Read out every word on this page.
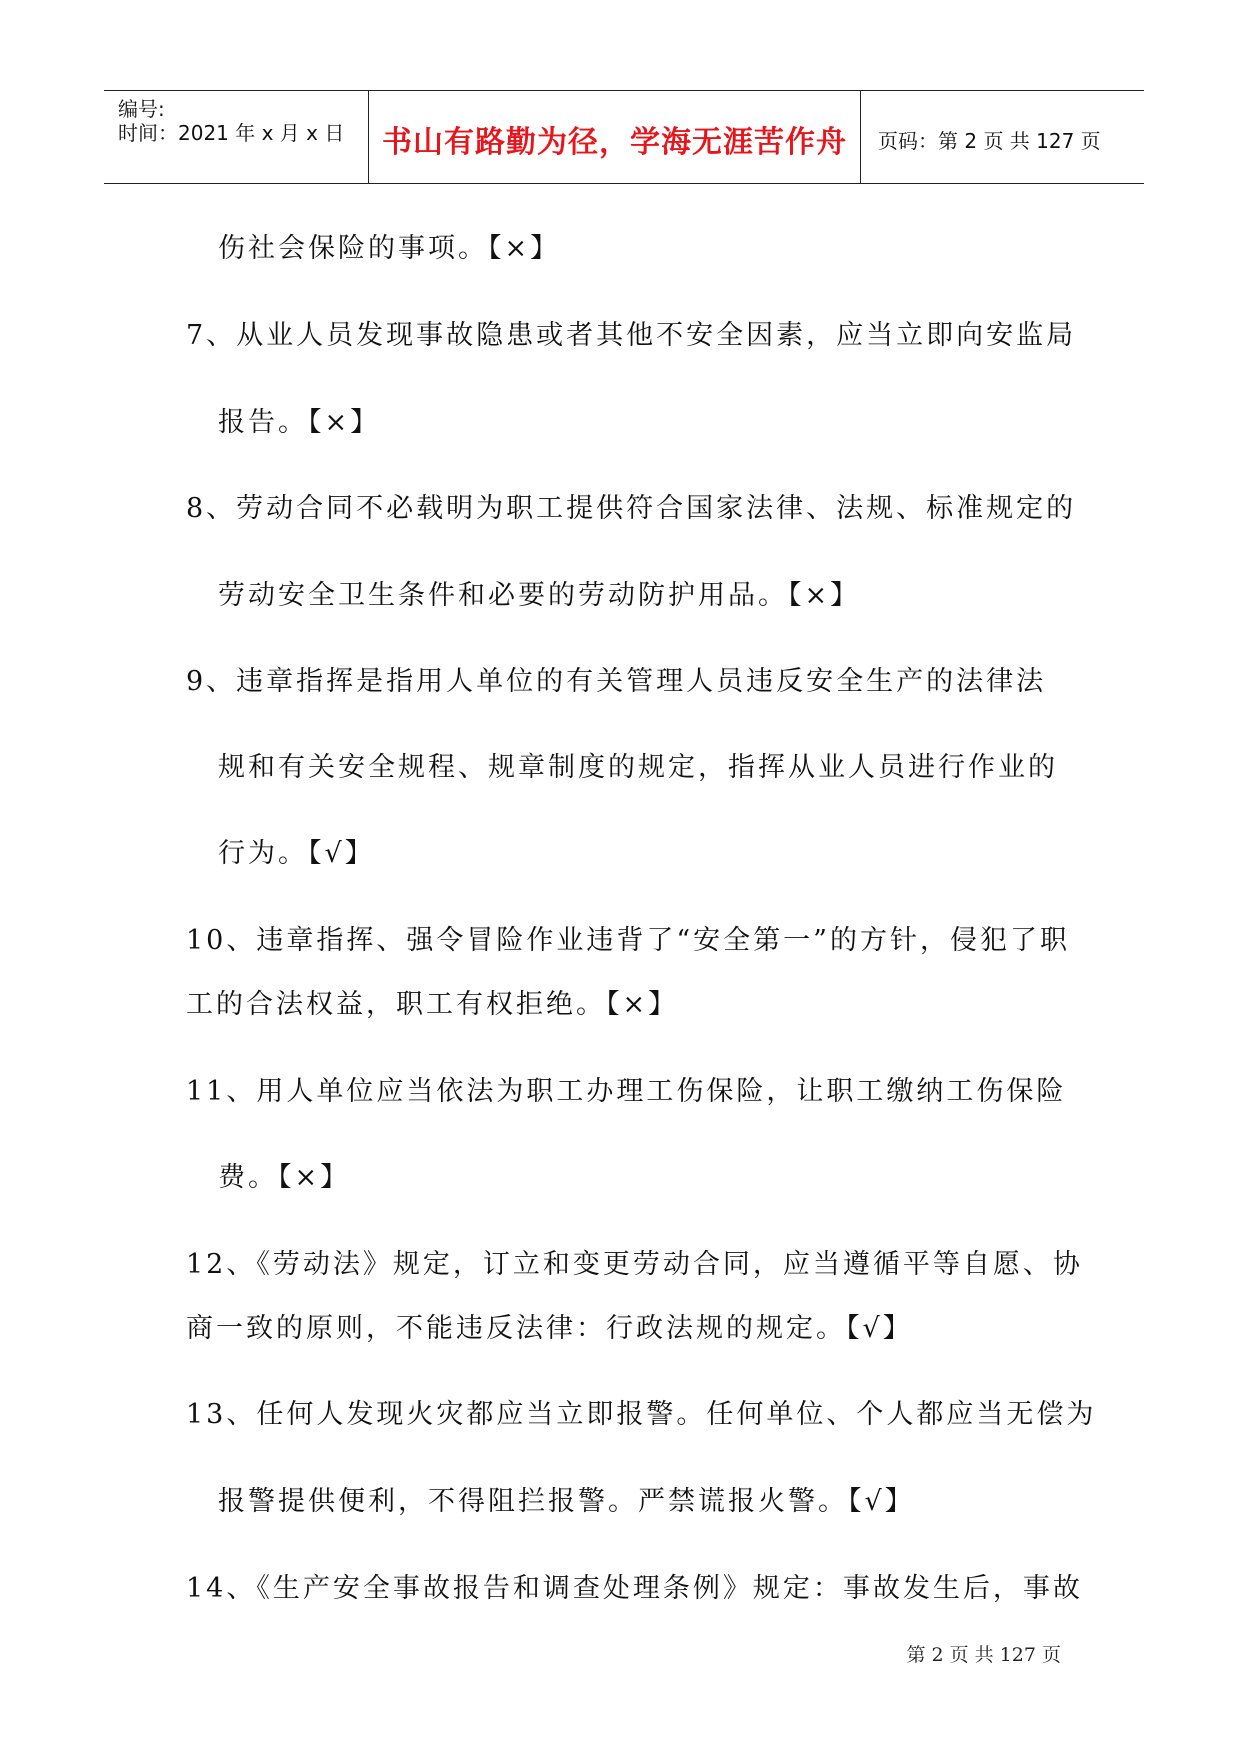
编号:
时间：2021 年 x 月 x 日	书山有路勤为径，学海无涯苦作舟	页码：第 2 页 共 127 页
伤社会保险的事项。【×】
7、从业人员发现事故隐患或者其他不安全因素，应当立即向安监局
报告。【×】
8、劳动合同不必载明为职工提供符合国家法律、法规、标准规定的
劳动安全卫生条件和必要的劳动防护用品。【×】
9、违章指挥是指用人单位的有关管理人员违反安全生产的法律法
规和有关安全规程、规章制度的规定，指挥从业人员进行作业的
行为。【√】
10、违章指挥、强令冒险作业违背了“安全第一”的方针，侵犯了职
工的合法权益，职工有权拒绝。【×】
11、用人单位应当依法为职工办理工伤保险，让职工缴纳工伤保险
费。【×】
12、《劳动法》规定，订立和变更劳动合同，应当遵循平等自愿、协
商一致的原则，不能违反法律：行政法规的规定。【√】
13、任何人发现火灾都应当立即报警。任何单位、个人都应当无偿为
报警提供便利，不得阻拦报警。严禁谎报火警。【√】
14、《生产安全事故报告和调查处理条例》规定：事故发生后，事故
第 2 页 共 127 页
